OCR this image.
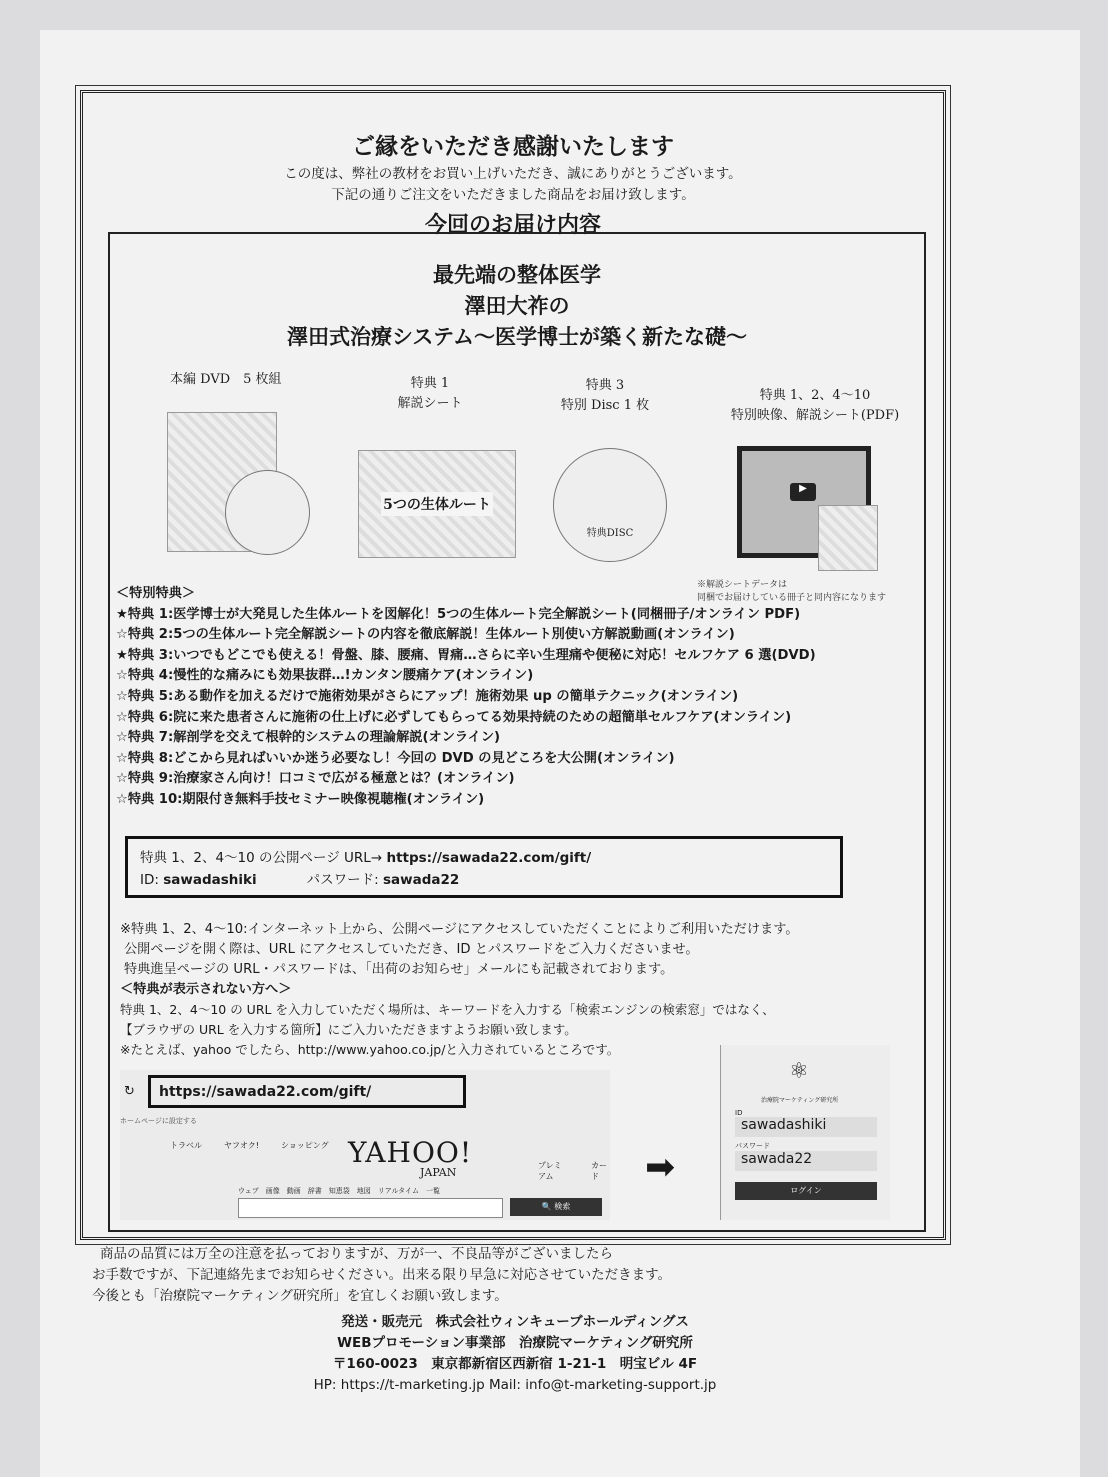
ご縁をいただき感謝いたします
この度は、弊社の教材をお買い上げいただき、誠にありがとうございます。
下記の通りご注文をいただきました商品をお届け致します。
今回のお届け内容
最先端の整体医学
澤田大祚の
澤田式治療システム〜医学博士が築く新たな礎〜
本編 DVD　5 枚組	特典 1
解説シート
特典 3
特別 Disc 1 枚
特典 1、2、4〜10
特別映像、解説シート(PDF)
5つの生体ルート
特典DISC
▶
※解説シートデータは
同梱でお届けしている冊子と同内容になります
＜特別特典＞
★特典 1:医学博士が大発見した生体ルートを図解化！5つの生体ルート完全解説シート(同梱冊子/オンライン PDF)
☆特典 2:5つの生体ルート完全解説シートの内容を徹底解説！生体ルート別使い方解説動画(オンライン)
★特典 3:いつでもどこでも使える！骨盤、膝、腰痛、胃痛…さらに辛い生理痛や便秘に対応！セルフケア 6 選(DVD)
☆特典 4:慢性的な痛みにも効果抜群…!カンタン腰痛ケア(オンライン)
☆特典 5:ある動作を加えるだけで施術効果がさらにアップ！施術効果 up の簡単テクニック(オンライン)
☆特典 6:院に来た患者さんに施術の仕上げに必ずしてもらってる効果持続のための超簡単セルフケア(オンライン)
☆特典 7:解剖学を交えて根幹的システムの理論解説(オンライン)
☆特典 8:どこから見ればいいか迷う必要なし！今回の DVD の見どころを大公開(オンライン)
☆特典 9:治療家さん向け！口コミで広がる極意とは？(オンライン)
☆特典 10:期限付き無料手技セミナー映像視聴権(オンライン)
特典 1、2、4〜10 の公開ページ URL→ https://sawada22.com/gift/
ID: sawadashiki	パスワード: sawada22
※特典 1、2、4〜10:インターネット上から、公開ページにアクセスしていただくことによりご利用いただけます。
公開ページを開く際は、URL にアクセスしていただき、ID とパスワードをご入力くださいませ。
特典進呈ページの URL・パスワードは、「出荷のお知らせ」メールにも記載されております。
＜特典が表示されない方へ＞
特典 1、2、4〜10 の URL を入力していただく場所は、キーワードを入力する「検索エンジンの検索窓」ではなく、
【ブラウザの URL を入力する箇所】にご入力いただきますようお願い致します。
※たとえば、yahoo でしたら、http://www.yahoo.co.jp/と入力されているところです。
↻	https://sawada22.com/gift/
ホームページに設定する
トラベル	ヤフオク!	ショッピング YAHOO!
JAPAN
プレミアム
カード
ウェブ　画像　動画　辞書　知恵袋　地図　リアルタイム　一覧
🔍 検索
➡
⚛
治療院マーケティング研究所
ID
sawadashiki
パスワード
sawada22
ログイン
商品の品質には万全の注意を払っておりますが、万が一、不良品等がございましたら
お手数ですが、下記連絡先までお知らせください。出来る限り早急に対応させていただきます。
今後とも「治療院マーケティング研究所」を宜しくお願い致します。
発送・販売元　株式会社ウィンキューブホールディングス
WEBプロモーション事業部　治療院マーケティング研究所
〒160-0023　東京都新宿区西新宿 1-21-1　明宝ビル 4F
HP: https://t-marketing.jp Mail: info@t-marketing-support.jp
